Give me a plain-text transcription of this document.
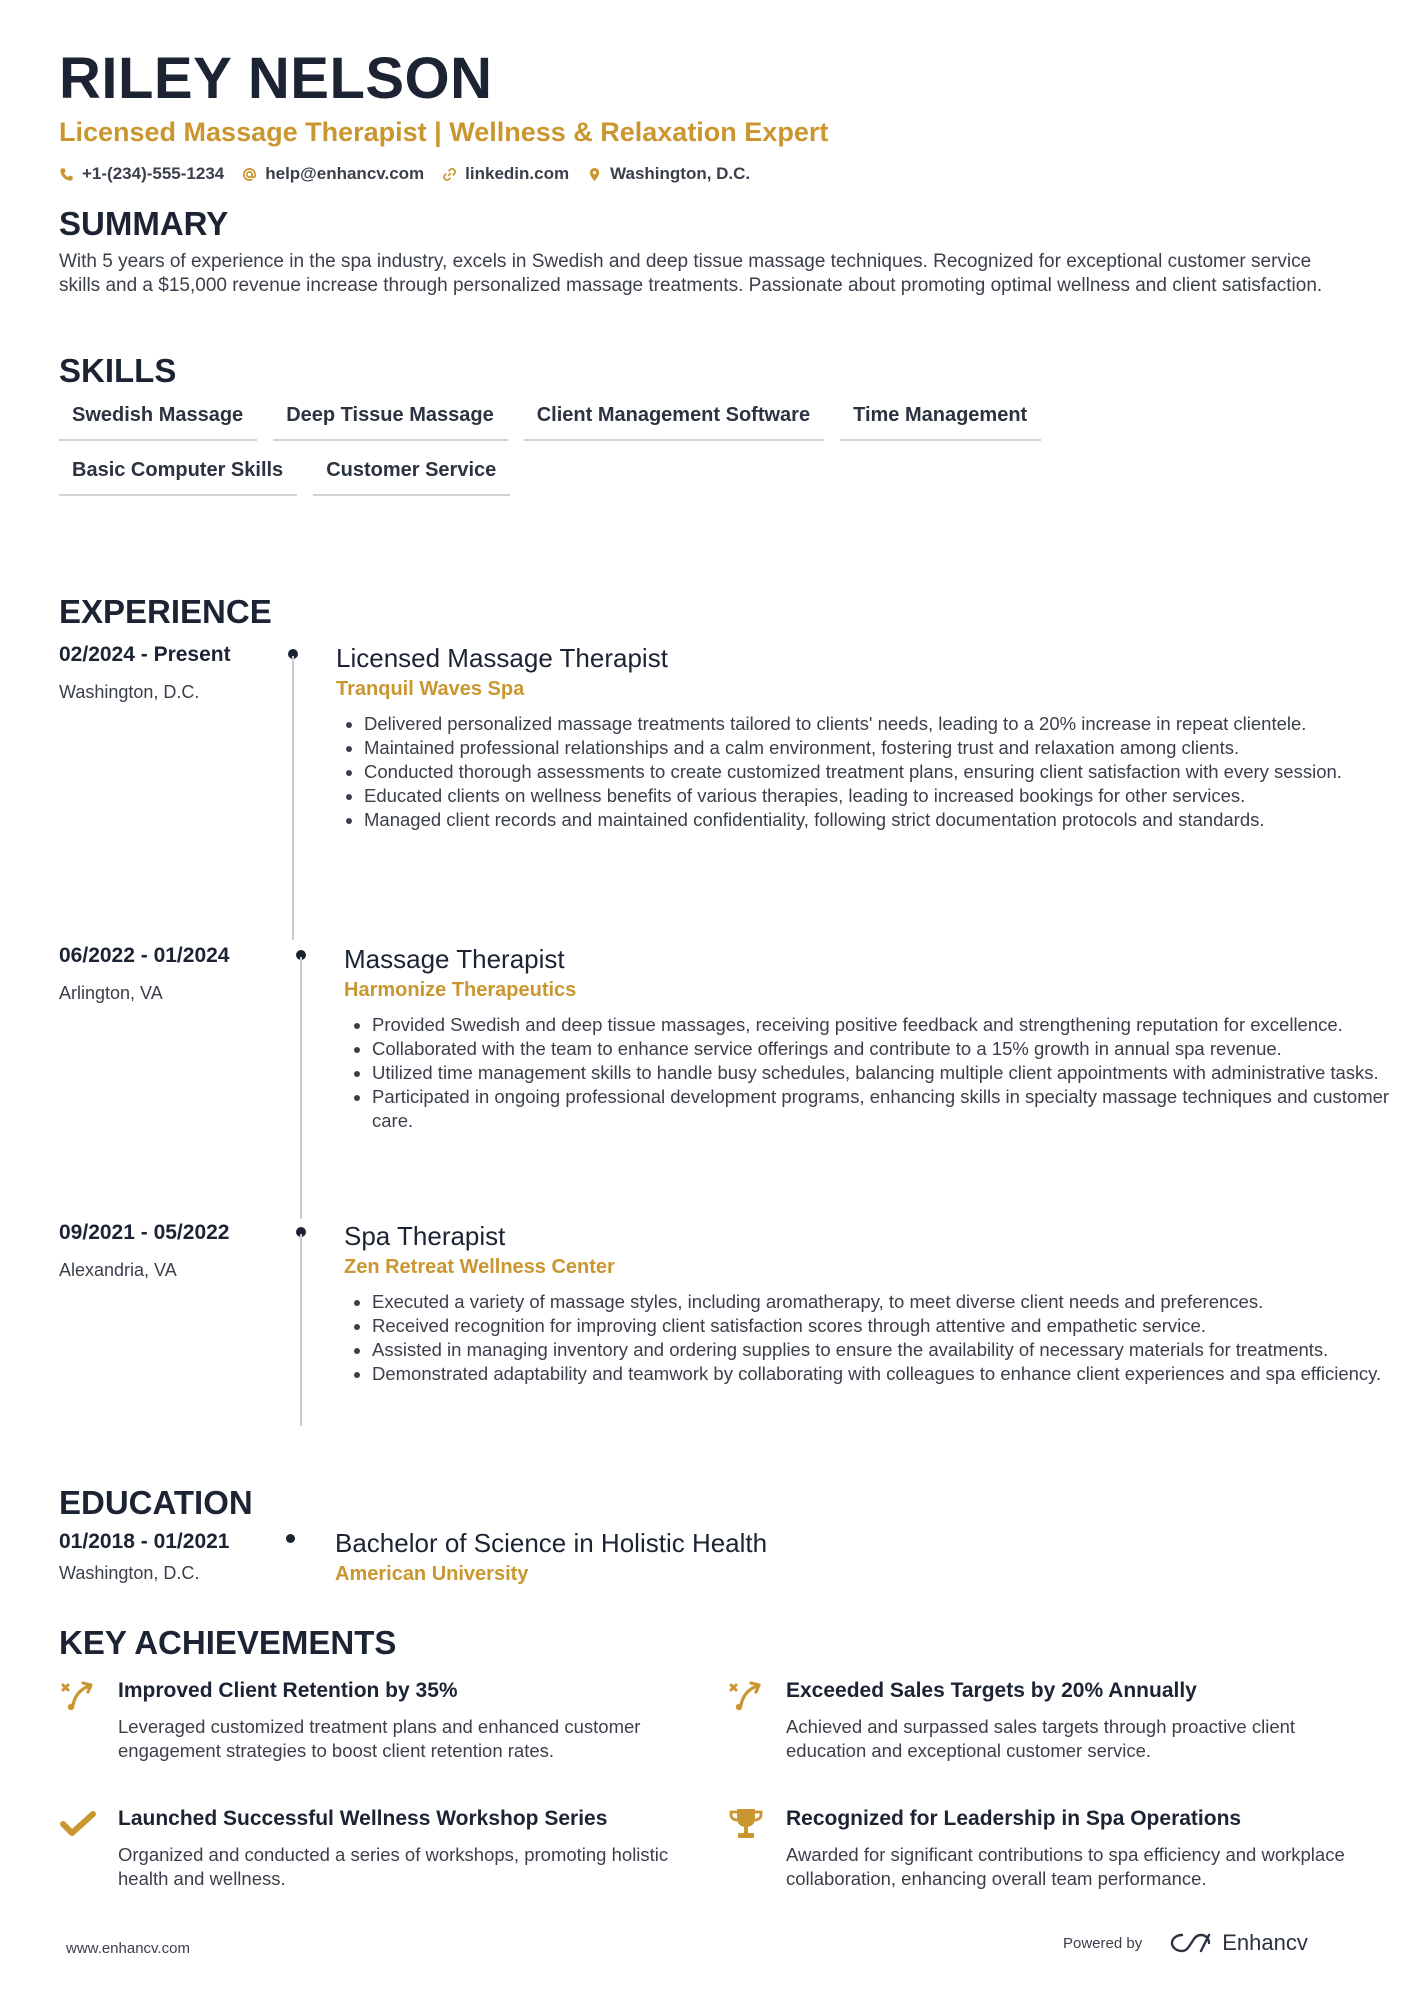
RILEY NELSON
Licensed Massage Therapist | Wellness & Relaxation Expert
+1-(234)-555-1234 help@enhancv.com linkedin.com Washington, D.C.
SUMMARY

With 5 years of experience in the spa industry, excels in Swedish and deep tissue massage techniques. Recognized for exceptional customer service skills and a $15,000 revenue increase through personalized massage treatments. Passionate about promoting optimal wellness and client satisfaction.

SKILLS
Swedish Massage	Deep Tissue Massage	Client Management Software	Time Management
Basic Computer Skills	Customer Service
EXPERIENCE
02/2024 - Present
Washington, D.C.
Licensed Massage Therapist
Tranquil Waves Spa
• Delivered personalized massage treatments tailored to clients' needs, leading to a 20% increase in repeat clientele.
• Maintained professional relationships and a calm environment, fostering trust and relaxation among clients.
• Conducted thorough assessments to create customized treatment plans, ensuring client satisfaction with every session.
• Educated clients on wellness benefits of various therapies, leading to increased bookings for other services.
• Managed client records and maintained confidentiality, following strict documentation protocols and standards.
06/2022 - 01/2024
Arlington, VA
Massage Therapist
Harmonize Therapeutics
• Provided Swedish and deep tissue massages, receiving positive feedback and strengthening reputation for excellence.
• Collaborated with the team to enhance service offerings and contribute to a 15% growth in annual spa revenue.
• Utilized time management skills to handle busy schedules, balancing multiple client appointments with administrative tasks.
• Participated in ongoing professional development programs, enhancing skills in specialty massage techniques and customer care.
09/2021 - 05/2022
Alexandria, VA
Spa Therapist
Zen Retreat Wellness Center
• Executed a variety of massage styles, including aromatherapy, to meet diverse client needs and preferences.
• Received recognition for improving client satisfaction scores through attentive and empathetic service.
• Assisted in managing inventory and ordering supplies to ensure the availability of necessary materials for treatments.
• Demonstrated adaptability and teamwork by collaborating with colleagues to enhance client experiences and spa efficiency.
EDUCATION
01/2018 - 01/2021
Washington, D.C.
Bachelor of Science in Holistic Health
American University
KEY ACHIEVEMENTS
Improved Client Retention by 35%
Leveraged customized treatment plans and enhanced customer engagement strategies to boost client retention rates.
Exceeded Sales Targets by 20% Annually
Achieved and surpassed sales targets through proactive client education and exceptional customer service.
Launched Successful Wellness Workshop Series
Organized and conducted a series of workshops, promoting holistic health and wellness.
Recognized for Leadership in Spa Operations
Awarded for significant contributions to spa efficiency and workplace collaboration, enhancing overall team performance.
www.enhancv.com	Powered by	Enhancv
